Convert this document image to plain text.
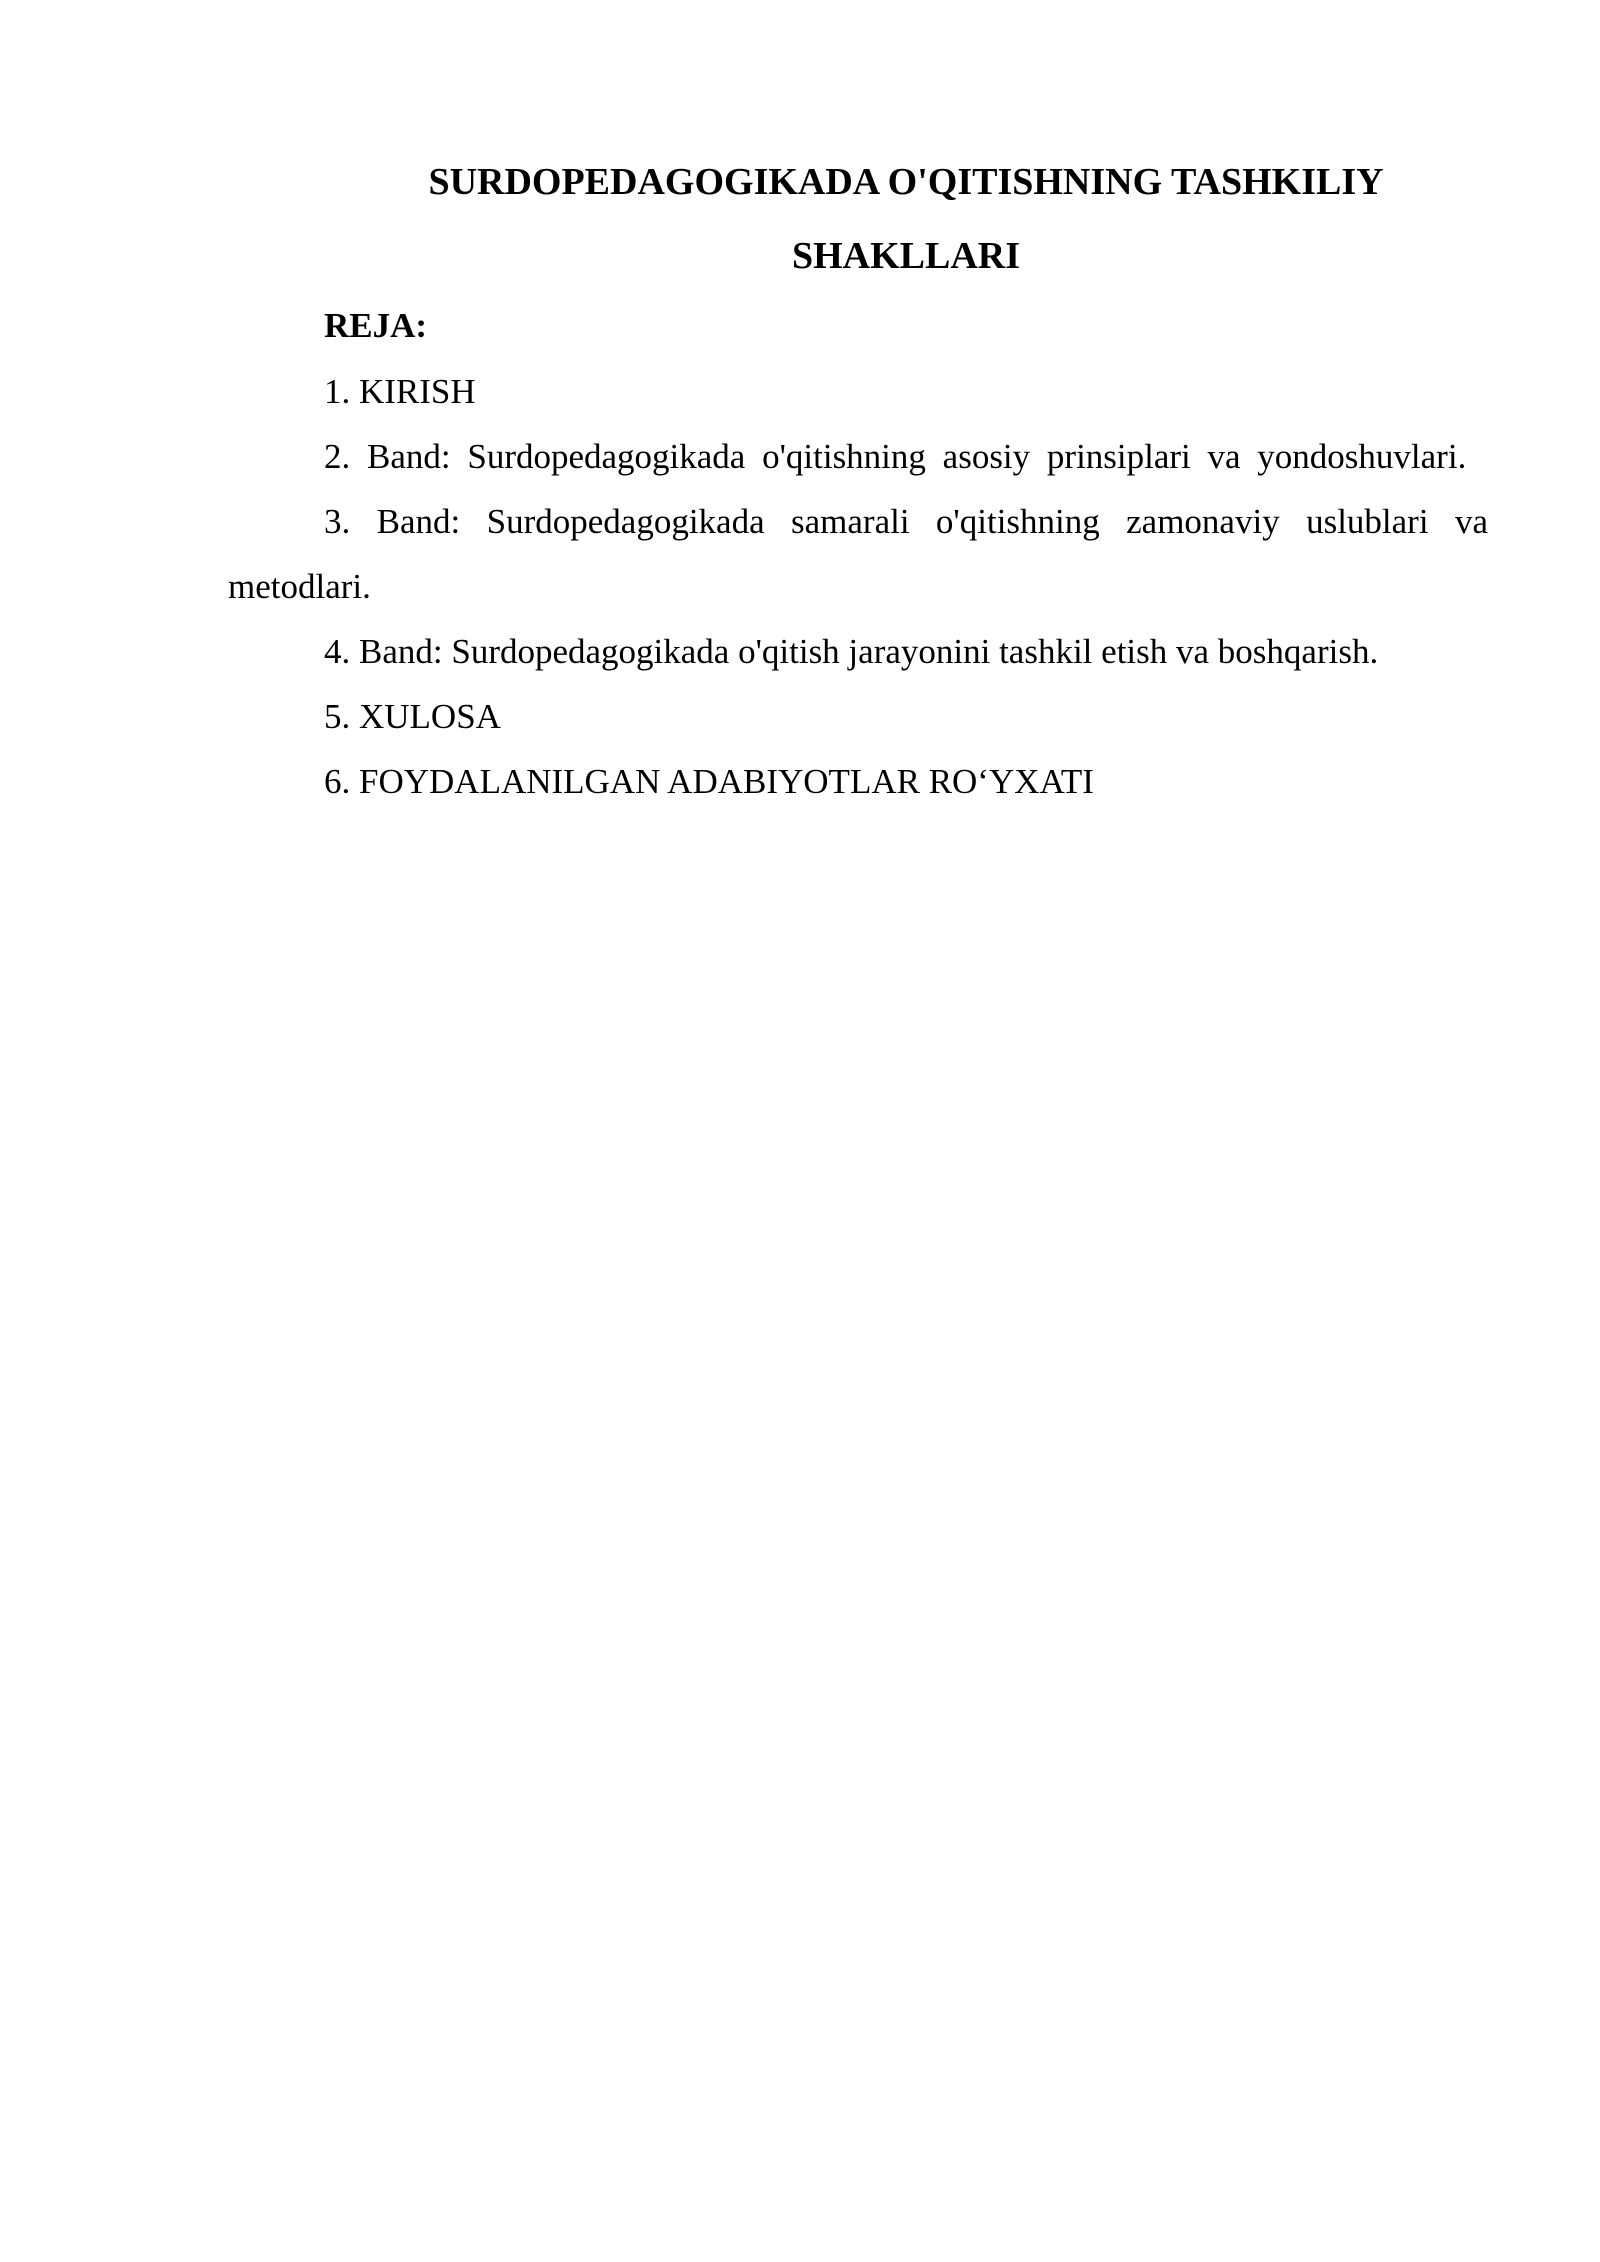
SURDOPEDAGOGIKADA O'QITISHNING TASHKILIY
SHAKLLARI

REJA:

1. KIRISH
2. Band: Surdopedagogikada o'qitishning asosiy prinsiplari va yondoshuvlari.
3. Band: Surdopedagogikada samarali o'qitishning zamonaviy uslublari va metodlari.
4. Band: Surdopedagogikada o'qitish jarayonini tashkil etish va boshqarish.
5. XULOSA
6. FOYDALANILGAN ADABIYOTLAR RO‘YXATI
